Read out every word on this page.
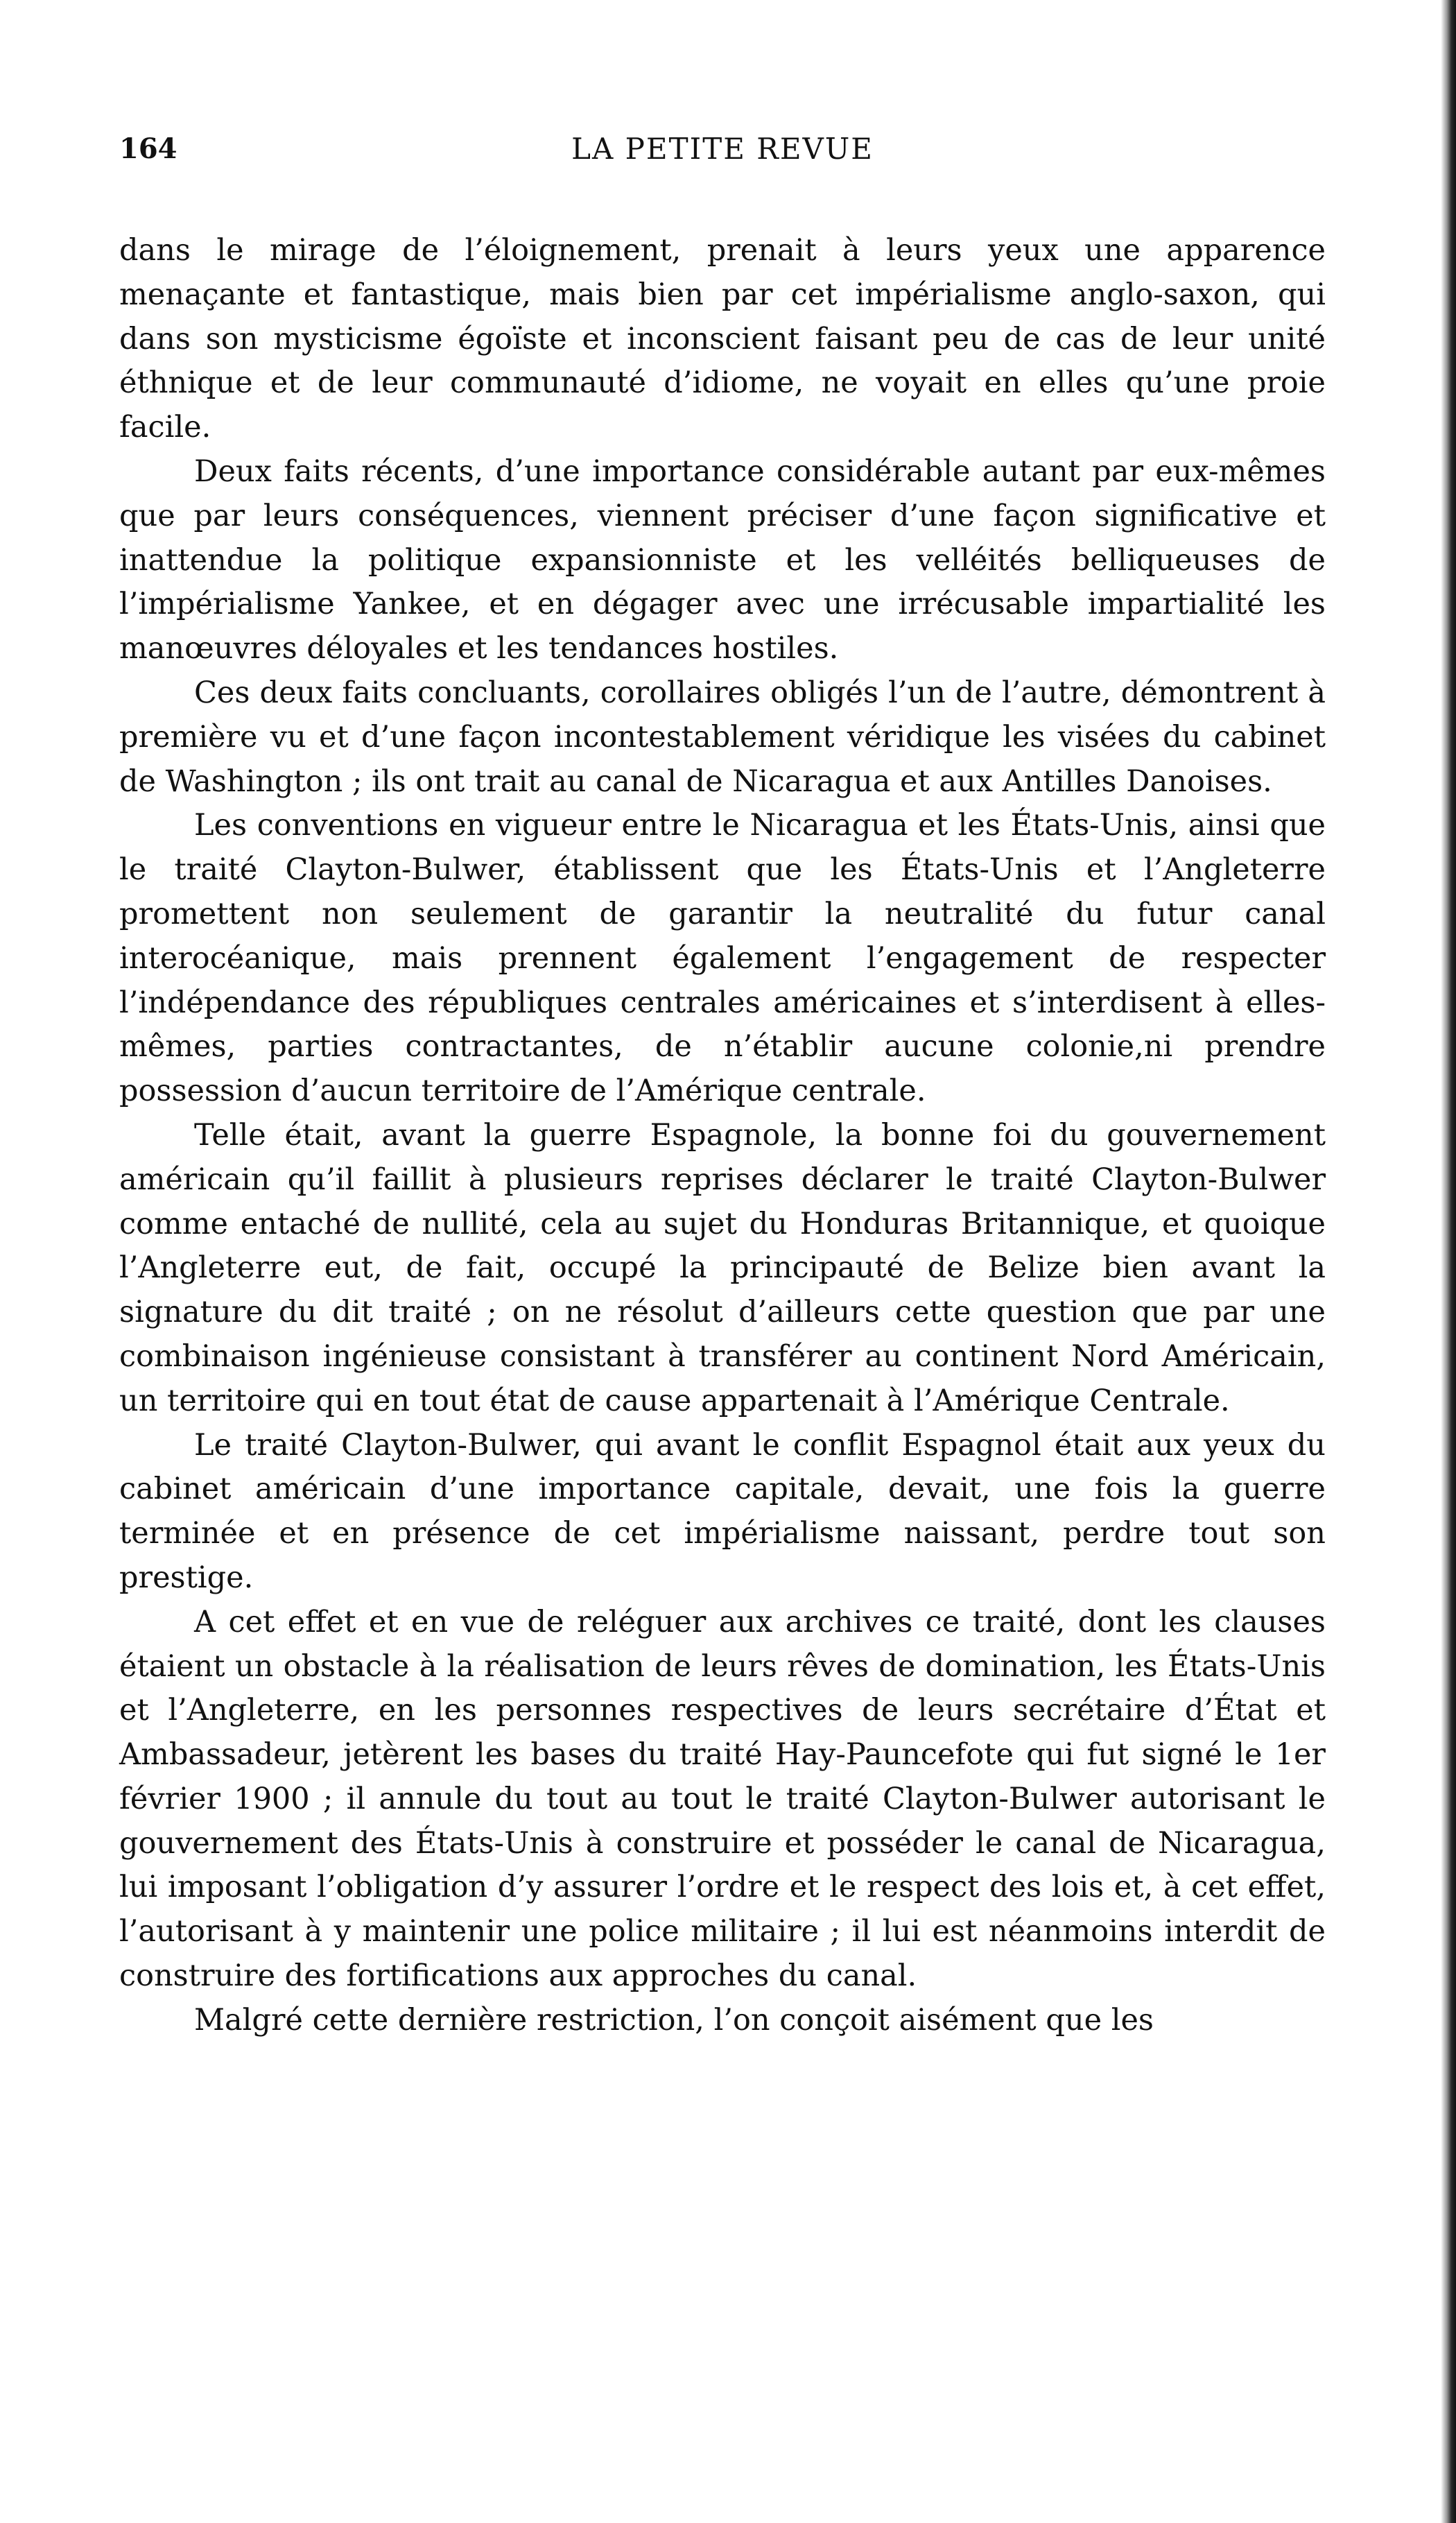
164	LA PETITE REVUE

dans le mirage de l’éloignement, prenait à leurs yeux une apparence menaçante et fantastique, mais bien par cet impérialisme anglo-saxon, qui dans son mysticisme égoïste et inconscient faisant peu de cas de leur unité éthnique et de leur communauté d’idiome, ne voyait en elles qu’une proie facile.

Deux faits récents, d’une importance considérable autant par eux-mêmes que par leurs conséquences, viennent préciser d’une façon significative et inattendue la politique expansionniste et les velléités belliqueuses de l’impérialisme Yankee, et en dégager avec une irrécusable impartialité les manœuvres déloyales et les tendances hostiles.

Ces deux faits concluants, corollaires obligés l’un de l’autre, démontrent à première vu et d’une façon incontestablement véridique les visées du cabinet de Washington ; ils ont trait au canal de Nicaragua et aux Antilles Danoises.

Les conventions en vigueur entre le Nicaragua et les États-Unis, ainsi que le traité Clayton-Bulwer, établissent que les États-Unis et l’Angleterre promettent non seulement de garantir la neutralité du futur canal interocéanique, mais prennent également l’engagement de respecter l’indépendance des républiques centrales américaines et s’interdisent à elles-mêmes, parties contractantes, de n’établir aucune colonie,ni prendre possession d’aucun territoire de l’Amérique centrale.

Telle était, avant la guerre Espagnole, la bonne foi du gouvernement américain qu’il faillit à plusieurs reprises déclarer le traité Clayton-Bulwer comme entaché de nullité, cela au sujet du Honduras Britannique, et quoique l’Angleterre eut, de fait, occupé la principauté de Belize bien avant la signature du dit traité ; on ne résolut d’ailleurs cette question que par une combinaison ingénieuse consistant à transférer au continent Nord Américain, un territoire qui en tout état de cause appartenait à l’Amérique Centrale.

Le traité Clayton-Bulwer, qui avant le conflit Espagnol était aux yeux du cabinet américain d’une importance capitale, devait, une fois la guerre terminée et en présence de cet impérialisme naissant, perdre tout son prestige.

A cet effet et en vue de reléguer aux archives ce traité, dont les clauses étaient un obstacle à la réalisation de leurs rêves de domination, les États-Unis et l’Angleterre, en les personnes respectives de leurs secrétaire d’État et Ambassadeur, jetèrent les bases du traité Hay-Pauncefote qui fut signé le 1er février 1900 ; il annule du tout au tout le traité Clayton-Bulwer autorisant le gouvernement des États-Unis à construire et posséder le canal de Nicaragua, lui imposant l’obligation d’y assurer l’ordre et le respect des lois et, à cet effet, l’autorisant à y maintenir une police militaire ; il lui est néanmoins interdit de construire des fortifications aux approches du canal.

Malgré cette dernière restriction, l’on conçoit aisément que les
